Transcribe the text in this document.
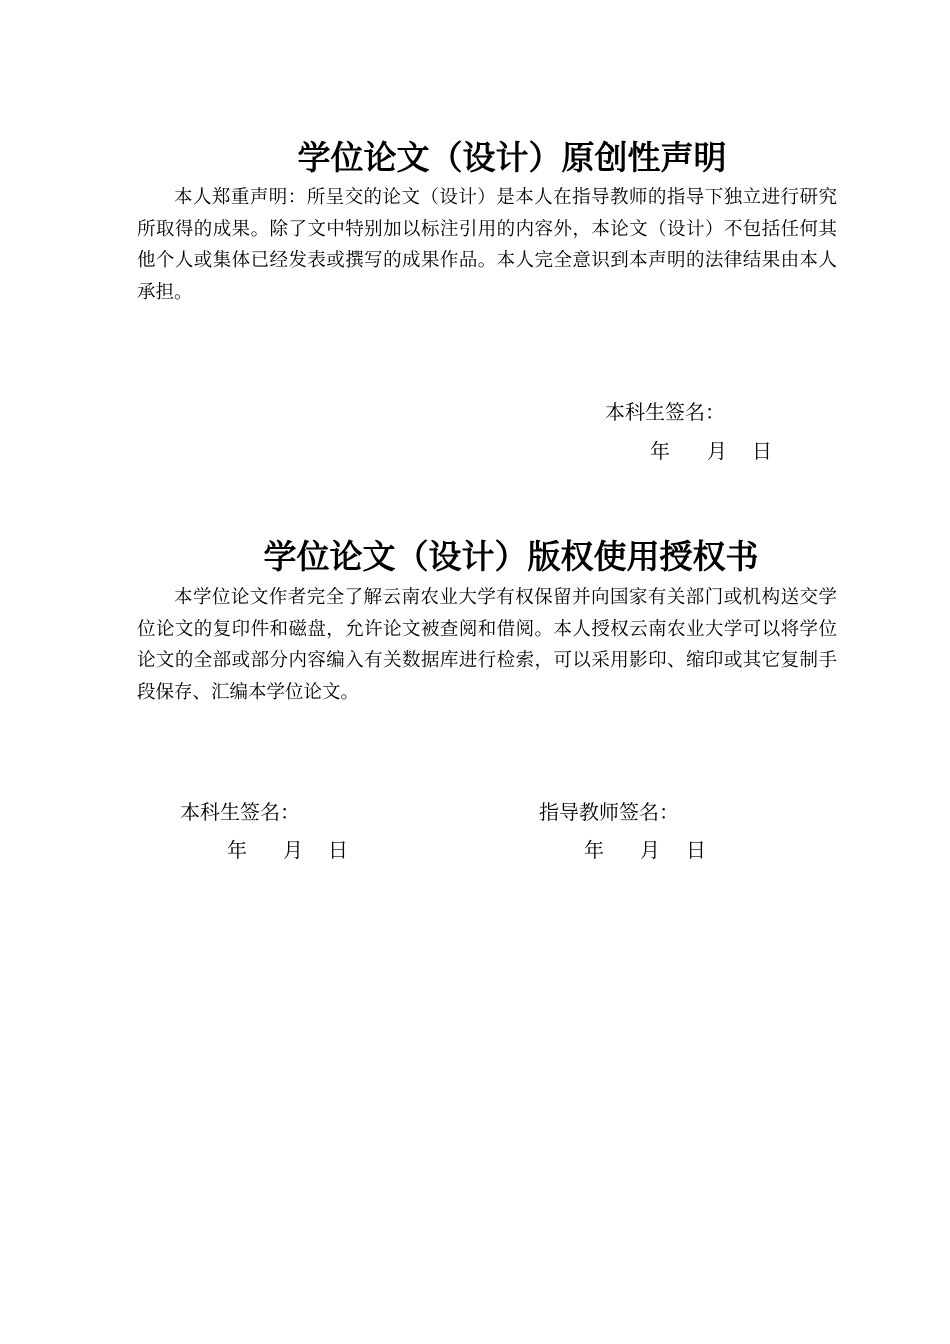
学位论文（设计）原创性声明

本人郑重声明：所呈交的论文（设计）是本人在指导教师的指导下独立进行研究所取得的成果。除了文中特别加以标注引用的内容外，本论文（设计）不包括任何其他个人或集体已经发表或撰写的成果作品。本人完全意识到本声明的法律结果由本人承担。

本科生签名：
年 月 日
学位论文（设计）版权使用授权书

本学位论文作者完全了解云南农业大学有权保留并向国家有关部门或机构送交学位论文的复印件和磁盘，允许论文被查阅和借阅。本人授权云南农业大学可以将学位论文的全部或部分内容编入有关数据库进行检索，可以采用影印、缩印或其它复制手段保存、汇编本学位论文。

本科生签名：	指导教师签名：
年 月 日	年 月 日
